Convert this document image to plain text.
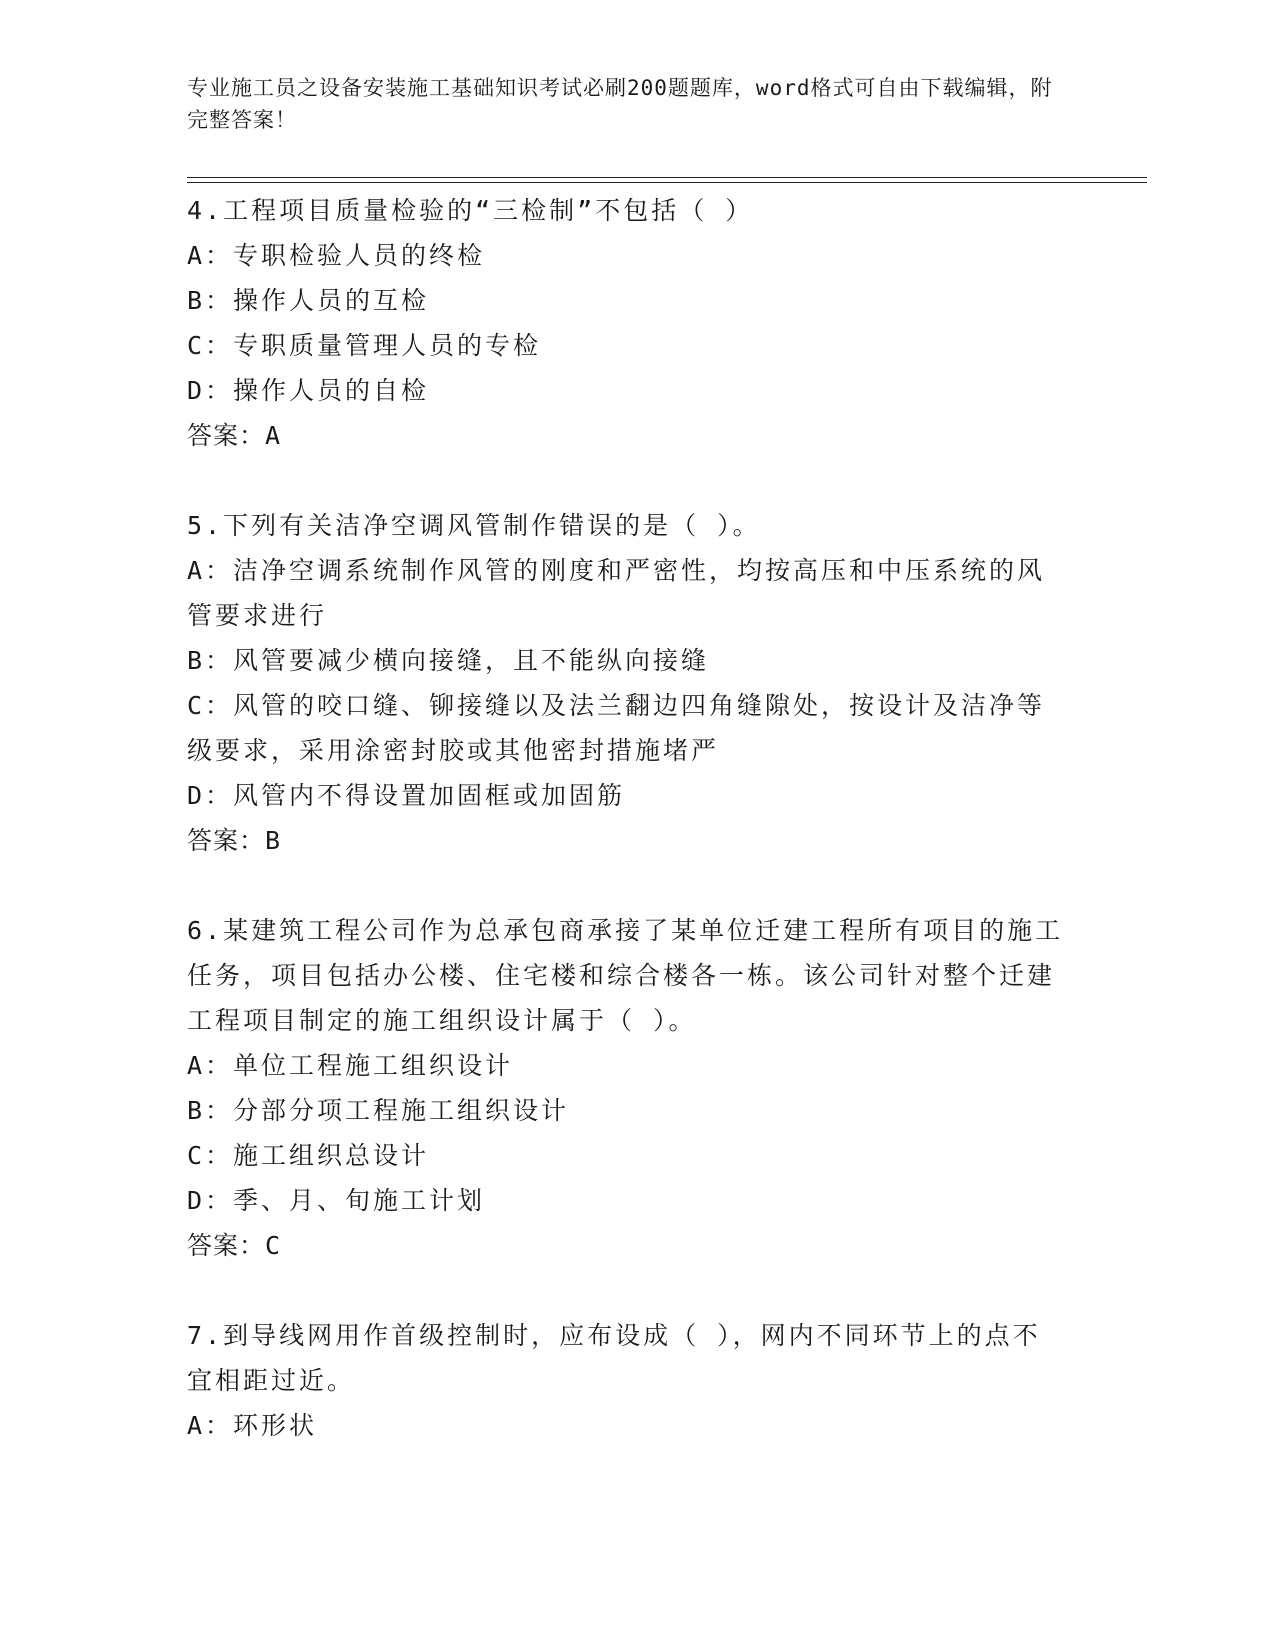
专业施工员之设备安装施工基础知识考试必刷200题题库，word格式可自由下载编辑，附完整答案！

4.工程项目质量检验的“三检制”不包括（ ）

A：专职检验人员的终检

B：操作人员的互检

C：专职质量管理人员的专检

D：操作人员的自检

答案：A

5.下列有关洁净空调风管制作错误的是（ ）。

A：洁净空调系统制作风管的刚度和严密性，均按高压和中压系统的风管要求进行

B：风管要减少横向接缝，且不能纵向接缝

C：风管的咬口缝、铆接缝以及法兰翻边四角缝隙处，按设计及洁净等级要求，采用涂密封胶或其他密封措施堵严

D：风管内不得设置加固框或加固筋

答案：B

6.某建筑工程公司作为总承包商承接了某单位迁建工程所有项目的施工任务，项目包括办公楼、住宅楼和综合楼各一栋。该公司针对整个迁建工程项目制定的施工组织设计属于（ ）。

A：单位工程施工组织设计

B：分部分项工程施工组织设计

C：施工组织总设计

D：季、月、旬施工计划

答案：C

7.到导线网用作首级控制时，应布设成（ ），网内不同环节上的点不宜相距过近。

A：环形状
